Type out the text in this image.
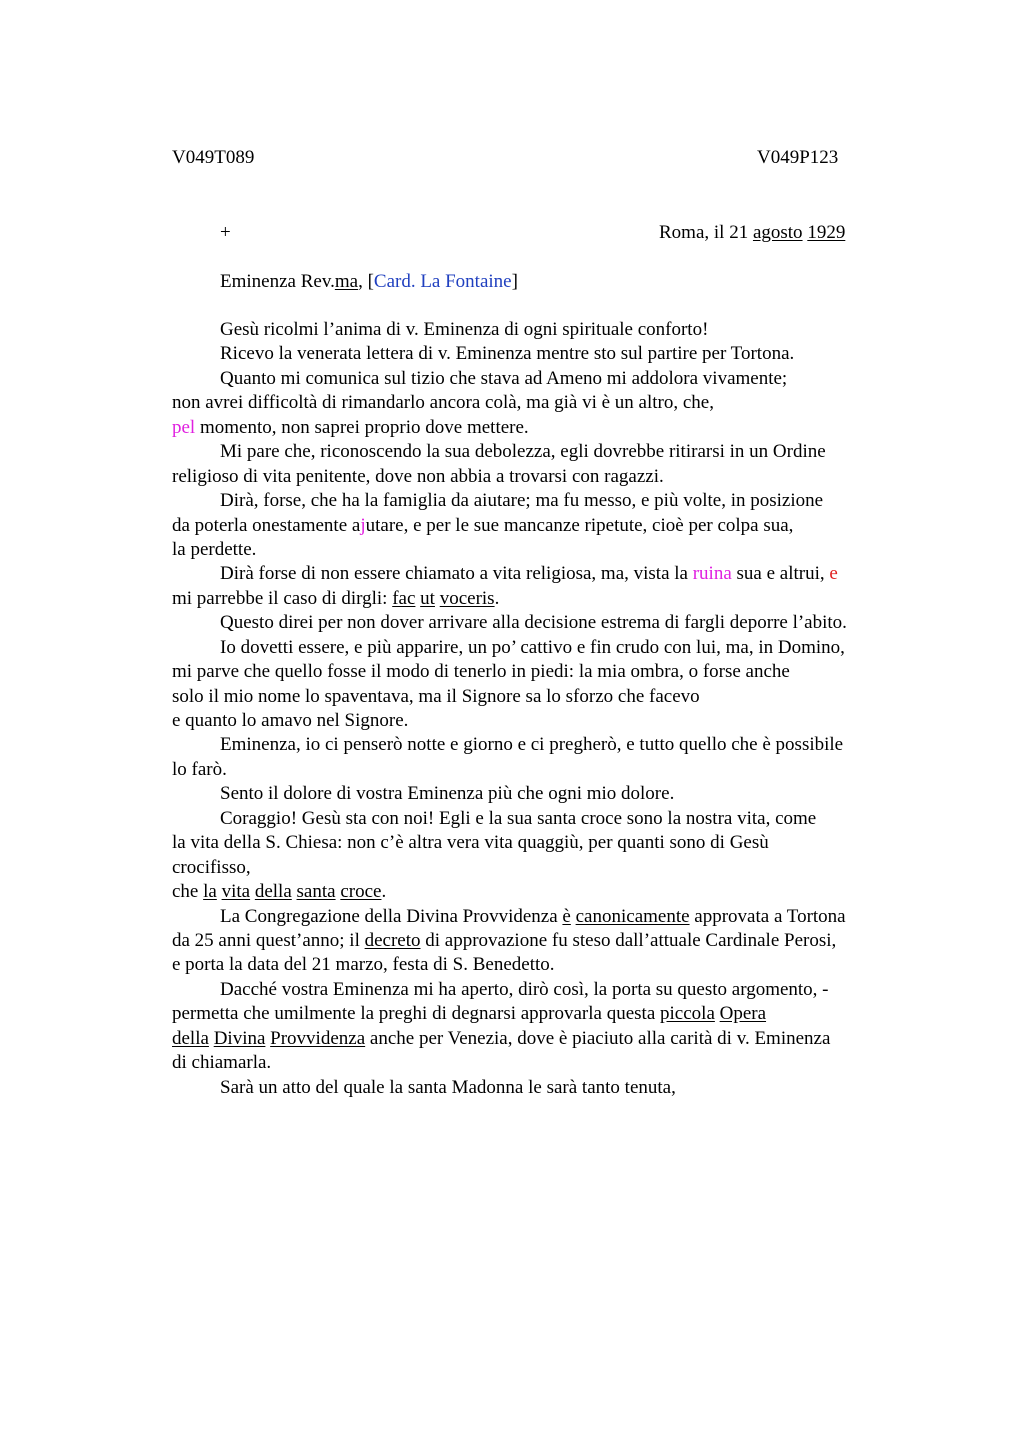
V049T089	V049P123
+	Roma, il 21 agosto 1929
Eminenza Rev.ma, [Card. La Fontaine]
Gesù ricolmi l’anima di v. Eminenza di ogni spirituale conforto!
Ricevo la venerata lettera di v. Eminenza mentre sto sul partire per Tortona.
Quanto mi comunica sul tizio che stava ad Ameno mi addolora vivamente;
non avrei difficoltà di rimandarlo ancora colà, ma già vi è un altro, che,
pel momento, non saprei proprio dove mettere.
Mi pare che, riconoscendo la sua debolezza, egli dovrebbe ritirarsi in un Ordine
religioso di vita penitente, dove non abbia a trovarsi con ragazzi.
Dirà, forse, che ha la famiglia da aiutare; ma fu messo, e più volte, in posizione
da poterla onestamente ajutare, e per le sue mancanze ripetute, cioè per colpa sua,
la perdette.
Dirà forse di non essere chiamato a vita religiosa, ma, vista la ruina sua e altrui, e
mi parrebbe il caso di dirgli: fac ut voceris.
Questo direi per non dover arrivare alla decisione estrema di fargli deporre l’abito.
Io dovetti essere, e più apparire, un po’ cattivo e fin crudo con lui, ma, in Domino,
mi parve che quello fosse il modo di tenerlo in piedi: la mia ombra, o forse anche
solo il mio nome lo spaventava, ma il Signore sa lo sforzo che facevo
e quanto lo amavo nel Signore.
Eminenza, io ci penserò notte e giorno e ci pregherò, e tutto quello che è possibile
lo farò.
Sento il dolore di vostra Eminenza più che ogni mio dolore.
Coraggio! Gesù sta con noi! Egli e la sua santa croce sono la nostra vita, come
la vita della S. Chiesa: non c’è altra vera vita quaggiù, per quanti sono di Gesù
crocifisso,
che la vita della santa croce.
La Congregazione della Divina Provvidenza è canonicamente approvata a Tortona
da 25 anni quest’anno; il decreto di approvazione fu steso dall’attuale Cardinale Perosi,
e porta la data del 21 marzo, festa di S. Benedetto.
Dacché vostra Eminenza mi ha aperto, dirò così, la porta su questo argomento, -
permetta che umilmente la preghi di degnarsi approvarla questa piccola Opera
della Divina Provvidenza anche per Venezia, dove è piaciuto alla carità di v. Eminenza
di chiamarla.
Sarà un atto del quale la santa Madonna le sarà tanto tenuta,
